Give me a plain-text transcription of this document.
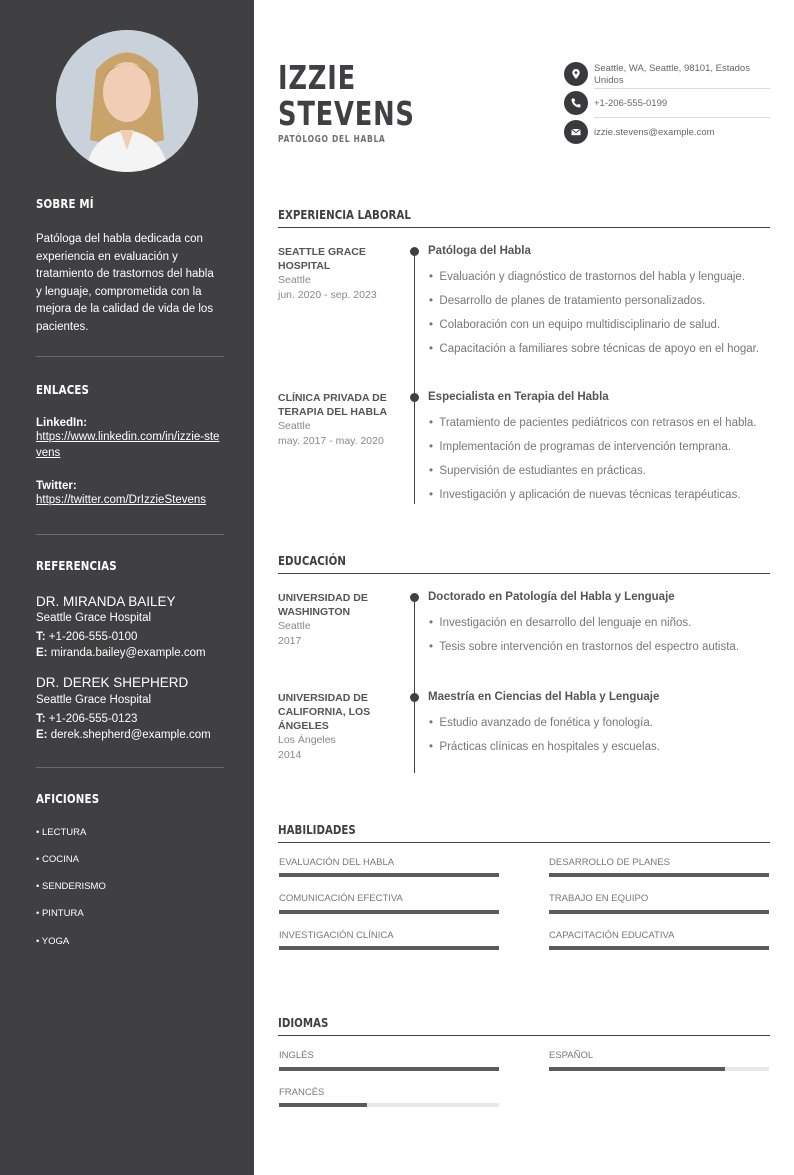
SOBRE MÍ
Patóloga del habla dedicada con experiencia en evaluación y tratamiento de trastornos del habla y lenguaje, comprometida con la mejora de la calidad de vida de los pacientes.
ENLACES
LinkedIn:
https://www.linkedin.com/in/izzie-stevens
Twitter:
https://twitter.com/DrIzzieStevens
REFERENCIAS
DR. MIRANDA BAILEY
Seattle Grace Hospital
T: +1-206-555-0100
E: miranda.bailey@example.com
DR. DEREK SHEPHERD
Seattle Grace Hospital
T: +1-206-555-0123
E: derek.shepherd@example.com
AFICIONES
• LECTURA
• COCINA
• SENDERISMO
• PINTURA
• YOGA
IZZIE
STEVENS
PATÓLOGO DEL HABLA
Seattle, WA, Seattle, 98101, Estados Unidos
+1-206-555-0199
izzie.stevens@example.com
EXPERIENCIA LABORAL
SEATTLE GRACE HOSPITAL
Seattle
jun. 2020 - sep. 2023
Patóloga del Habla
•  Evaluación y diagnóstico de trastornos del habla y lenguaje.
•  Desarrollo de planes de tratamiento personalizados.
•  Colaboración con un equipo multidisciplinario de salud.
•  Capacitación a familiares sobre técnicas de apoyo en el hogar.
CLÍNICA PRIVADA DE TERAPIA DEL HABLA
Seattle
may. 2017 - may. 2020
Especialista en Terapia del Habla
•  Tratamiento de pacientes pediátricos con retrasos en el habla.
•  Implementación de programas de intervención temprana.
•  Supervisión de estudiantes en prácticas.
•  Investigación y aplicación de nuevas técnicas terapéuticas.
EDUCACIÓN
UNIVERSIDAD DE WASHINGTON
Seattle
2017
Doctorado en Patología del Habla y Lenguaje
•  Investigación en desarrollo del lenguaje en niños.
•  Tesis sobre intervención en trastornos del espectro autista.
UNIVERSIDAD DE CALIFORNIA, LOS ÁNGELES
Los Ángeles
2014
Maestría en Ciencias del Habla y Lenguaje
•  Estudio avanzado de fonética y fonología.
•  Prácticas clínicas en hospitales y escuelas.
HABILIDADES
EVALUACIÓN DEL HABLA	DESARROLLO DE PLANES
COMUNICACIÓN EFECTIVA	TRABAJO EN EQUIPO
INVESTIGACIÓN CLÍNICA	CAPACITACIÓN EDUCATIVA
IDIOMAS
INGLÉS	ESPAÑOL
FRANCÉS
